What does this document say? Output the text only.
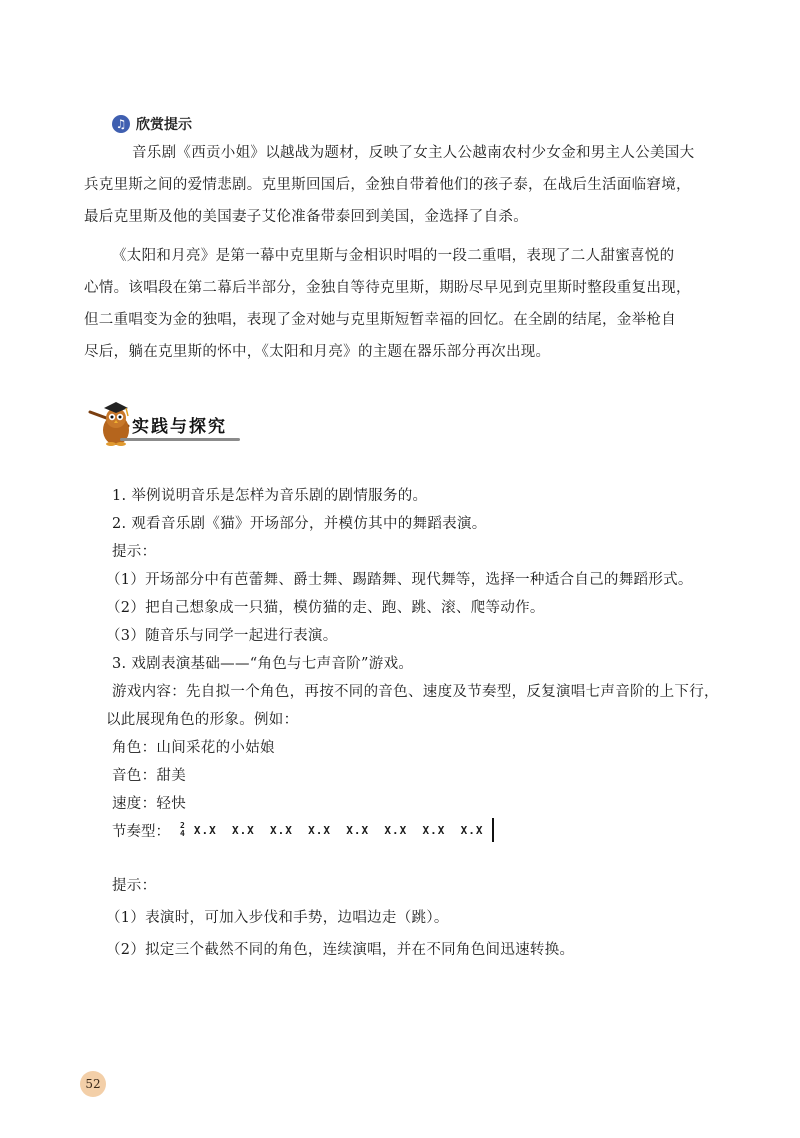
♫ 欣赏提示

音乐剧《西贡小姐》以越战为题材，反映了女主人公越南农村少女金和男主人公美国大

兵克里斯之间的爱情悲剧。克里斯回国后，金独自带着他们的孩子泰，在战后生活面临窘境，

最后克里斯及他的美国妻子艾伦准备带泰回到美国，金选择了自杀。

《太阳和月亮》是第一幕中克里斯与金相识时唱的一段二重唱，表现了二人甜蜜喜悦的

心情。该唱段在第二幕后半部分，金独自等待克里斯，期盼尽早见到克里斯时整段重复出现，

但二重唱变为金的独唱，表现了金对她与克里斯短暂幸福的回忆。在全剧的结尾，金举枪自

尽后，躺在克里斯的怀中，《太阳和月亮》的主题在器乐部分再次出现。

实践与探究

1. 举例说明音乐是怎样为音乐剧的剧情服务的。

2. 观看音乐剧《猫》开场部分，并模仿其中的舞蹈表演。

提示：

（1）开场部分中有芭蕾舞、爵士舞、踢踏舞、现代舞等，选择一种适合自己的舞蹈形式。

（2）把自己想象成一只猫，模仿猫的走、跑、跳、滚、爬等动作。

（3）随音乐与同学一起进行表演。

3. 戏剧表演基础——“角色与七声音阶”游戏。

游戏内容：先自拟一个角色，再按不同的音色、速度及节奏型，反复演唱七声音阶的上下行，

以此展现角色的形象。例如：

角色：山间采花的小姑娘

音色：甜美

速度：轻快

节奏型： 2
4 X.X  X.X  X.X  X.X  X.X  X.X  X.X  X.X

提示：

（1）表演时，可加入步伐和手势，边唱边走（跳）。

（2）拟定三个截然不同的角色，连续演唱，并在不同角色间迅速转换。

52
